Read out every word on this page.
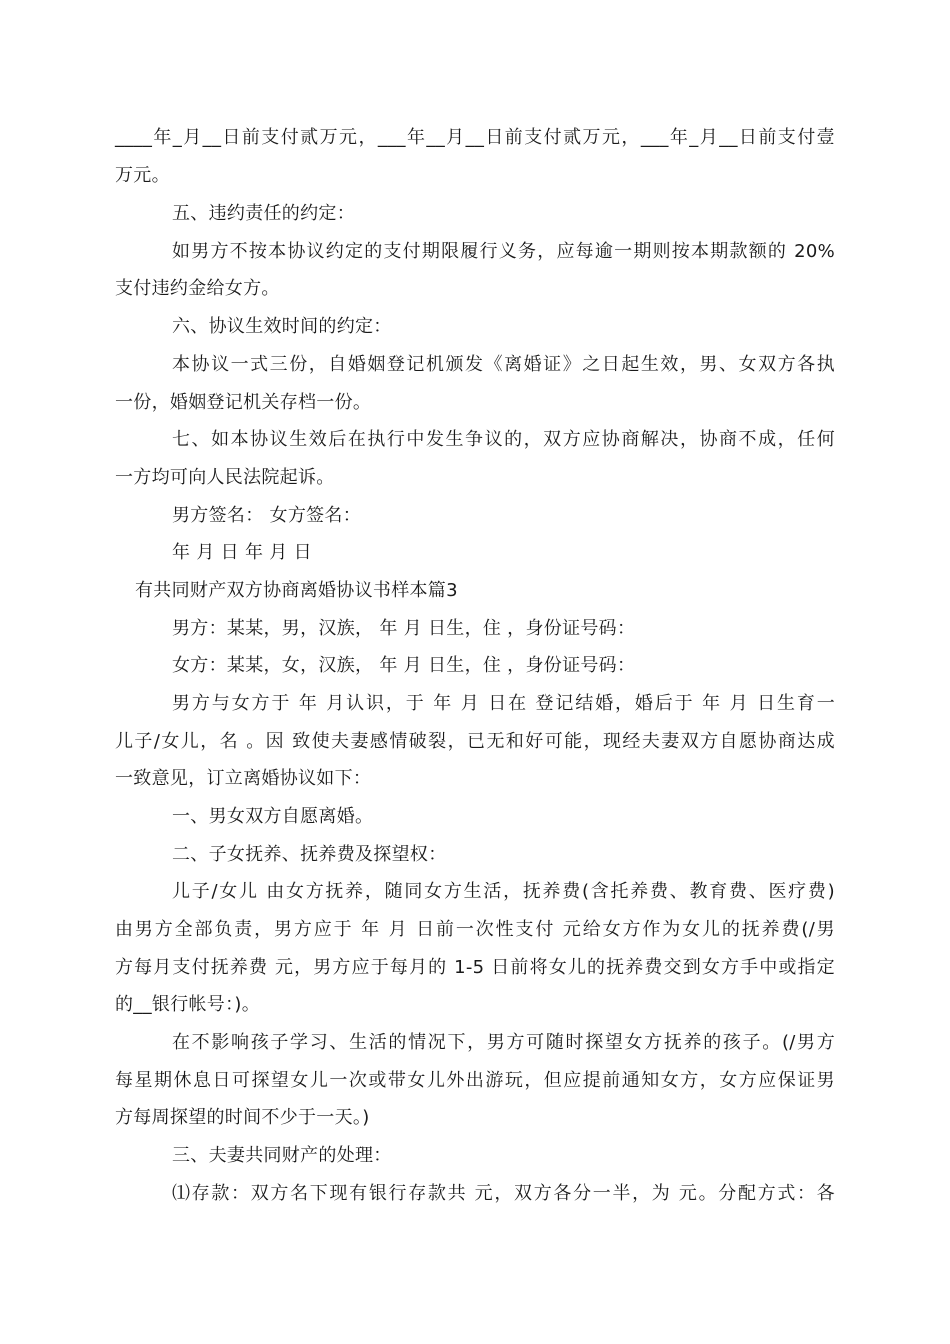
____年_月__日前支付贰万元，___年__月__日前支付贰万元，___年_月__日前支付壹
万元。
五、违约责任的约定：
如男方不按本协议约定的支付期限履行义务，应每逾一期则按本期款额的 20%
支付违约金给女方。
六、协议生效时间的约定：
本协议一式三份，自婚姻登记机颁发《离婚证》之日起生效，男、女双方各执
一份，婚姻登记机关存档一份。
七、如本协议生效后在执行中发生争议的，双方应协商解决，协商不成，任何
一方均可向人民法院起诉。
男方签名： 女方签名：
年 月 日 年 月 日
有共同财产双方协商离婚协议书样本篇3
男方：某某，男，汉族， 年 月 日生，住 ，身份证号码：
女方：某某，女，汉族， 年 月 日生，住 ，身份证号码：
男方与女方于 年 月认识，于 年 月 日在 登记结婚，婚后于 年 月 日生育一
儿子/女儿，名 。因 致使夫妻感情破裂，已无和好可能，现经夫妻双方自愿协商达成
一致意见，订立离婚协议如下：
一、男女双方自愿离婚。
二、子女抚养、抚养费及探望权：
儿子/女儿 由女方抚养，随同女方生活，抚养费(含托养费、教育费、医疗费)
由男方全部负责，男方应于 年 月 日前一次性支付 元给女方作为女儿的抚养费(/男
方每月支付抚养费 元，男方应于每月的 1-5 日前将女儿的抚养费交到女方手中或指定
的__银行帐号：)。
在不影响孩子学习、生活的情况下，男方可随时探望女方抚养的孩子。(/男方
每星期休息日可探望女儿一次或带女儿外出游玩，但应提前通知女方，女方应保证男
方每周探望的时间不少于一天。)
三、夫妻共同财产的处理：
⑴存款：双方名下现有银行存款共 元，双方各分一半，为 元。分配方式：各
